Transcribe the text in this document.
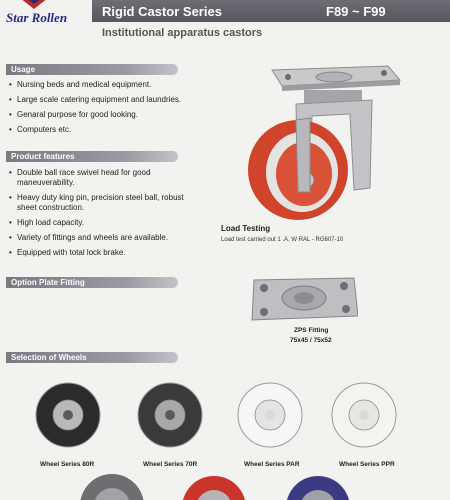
Star Rollen	Rigid Castor Series	F89 ~ F99
Institutional apparatus castors
Usage
• Nursing beds and medical equipment.
• Large scale catering equipment and laundries.
• Genaral purpose for good looking.
• Computers etc.
Product features
• Double ball race swivel head for good maneuverability.
• Heavy duty king pin, precision steel ball, robust sheet construction.
• High load capacity.
• Variety of fittings and wheels are available.
• Equipped with total lock brake.
Option Plate Fitting
Selection of Wheels
Load Testing
Load test carried out 1 .A. W RAL - RG607-10
ZPS Fitting
75x45 / 75x52
Wheel Series 80R	Wheel Series 70R	Wheel Series PAR	Wheel Series PPR
